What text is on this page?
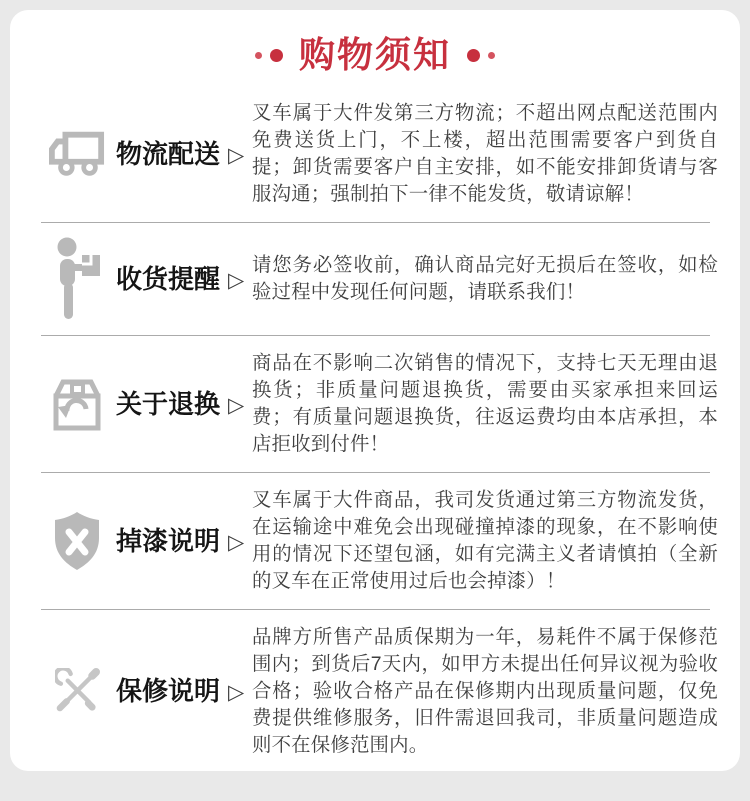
购物须知
物流配送 ▷
叉车属于大件发第三方物流；不超出网点配送范围内免费送货上门，不上楼，超出范围需要客户到货自提；卸货需要客户自主安排，如不能安排卸货请与客服沟通；强制拍下一律不能发货，敬请谅解！
收货提醒 ▷
请您务必签收前，确认商品完好无损后在签收，如检验过程中发现任何问题，请联系我们！
关于退换 ▷
商品在不影响二次销售的情况下，支持七天无理由退换货；非质量问题退换货，需要由买家承担来回运费；有质量问题退换货，往返运费均由本店承担，本店拒收到付件！
掉漆说明 ▷
叉车属于大件商品，我司发货通过第三方物流发货，在运输途中难免会出现碰撞掉漆的现象，在不影响使用的情况下还望包涵，如有完满主义者请慎拍（全新的叉车在正常使用过后也会掉漆）！
保修说明 ▷
品牌方所售产品质保期为一年，易耗件不属于保修范围内；到货后7天内，如甲方未提出任何异议视为验收合格；验收合格产品在保修期内出现质量问题，仅免费提供维修服务，旧件需退回我司，非质量问题造成则不在保修范围内。
